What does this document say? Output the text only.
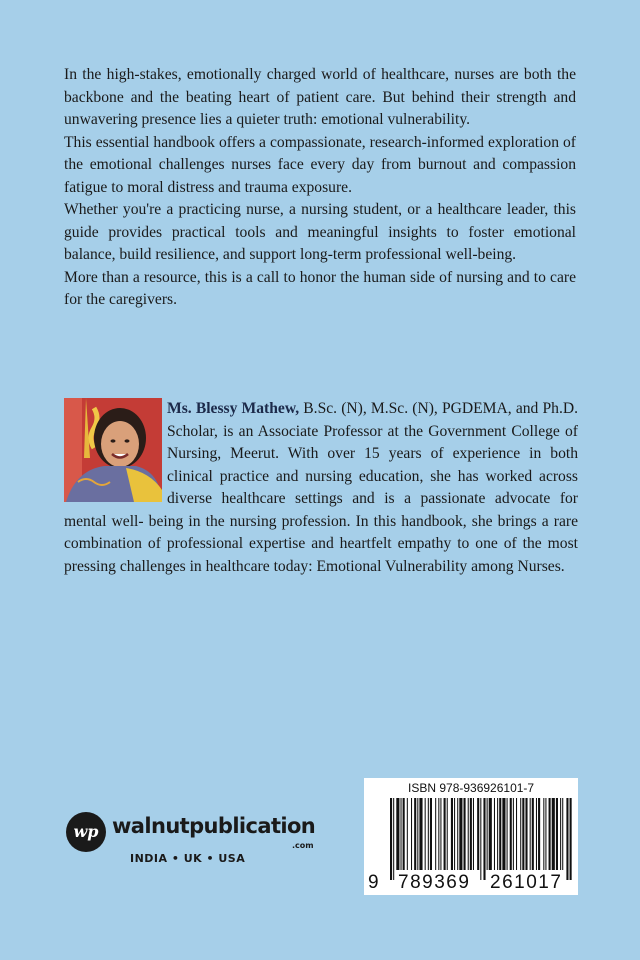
In the high-stakes, emotionally charged world of healthcare, nurses are both the backbone and the beating heart of patient care. But behind their strength and unwavering presence lies a quieter truth: emotional vulnerability.

This essential handbook offers a compassionate, research-informed exploration of the emotional challenges nurses face every day from burnout and compassion fatigue to moral distress and trauma exposure.

Whether you're a practicing nurse, a nursing student, or a healthcare leader, this guide provides practical tools and meaningful insights to foster emotional balance, build resilience, and support long-term professional well-being.

More than a resource, this is a call to honor the human side of nursing and to care for the caregivers.

Ms. Blessy Mathew, B.Sc. (N), M.Sc. (N), PGDEMA, and Ph.D. Scholar, is an Associate Professor at the Government College of Nursing, Meerut. With over 15 years of experience in both clinical practice and nursing education, she has worked across diverse healthcare settings and is a passionate advocate for mental well- being in the nursing profession. In this handbook, she brings a rare combination of professional expertise and heartfelt empathy to one of the most pressing challenges in healthcare today: Emotional Vulnerability among Nurses.
wp walnutpublication
.com
INDIA • UK • USA
ISBN 978-936926101-7
9 789369 261017
